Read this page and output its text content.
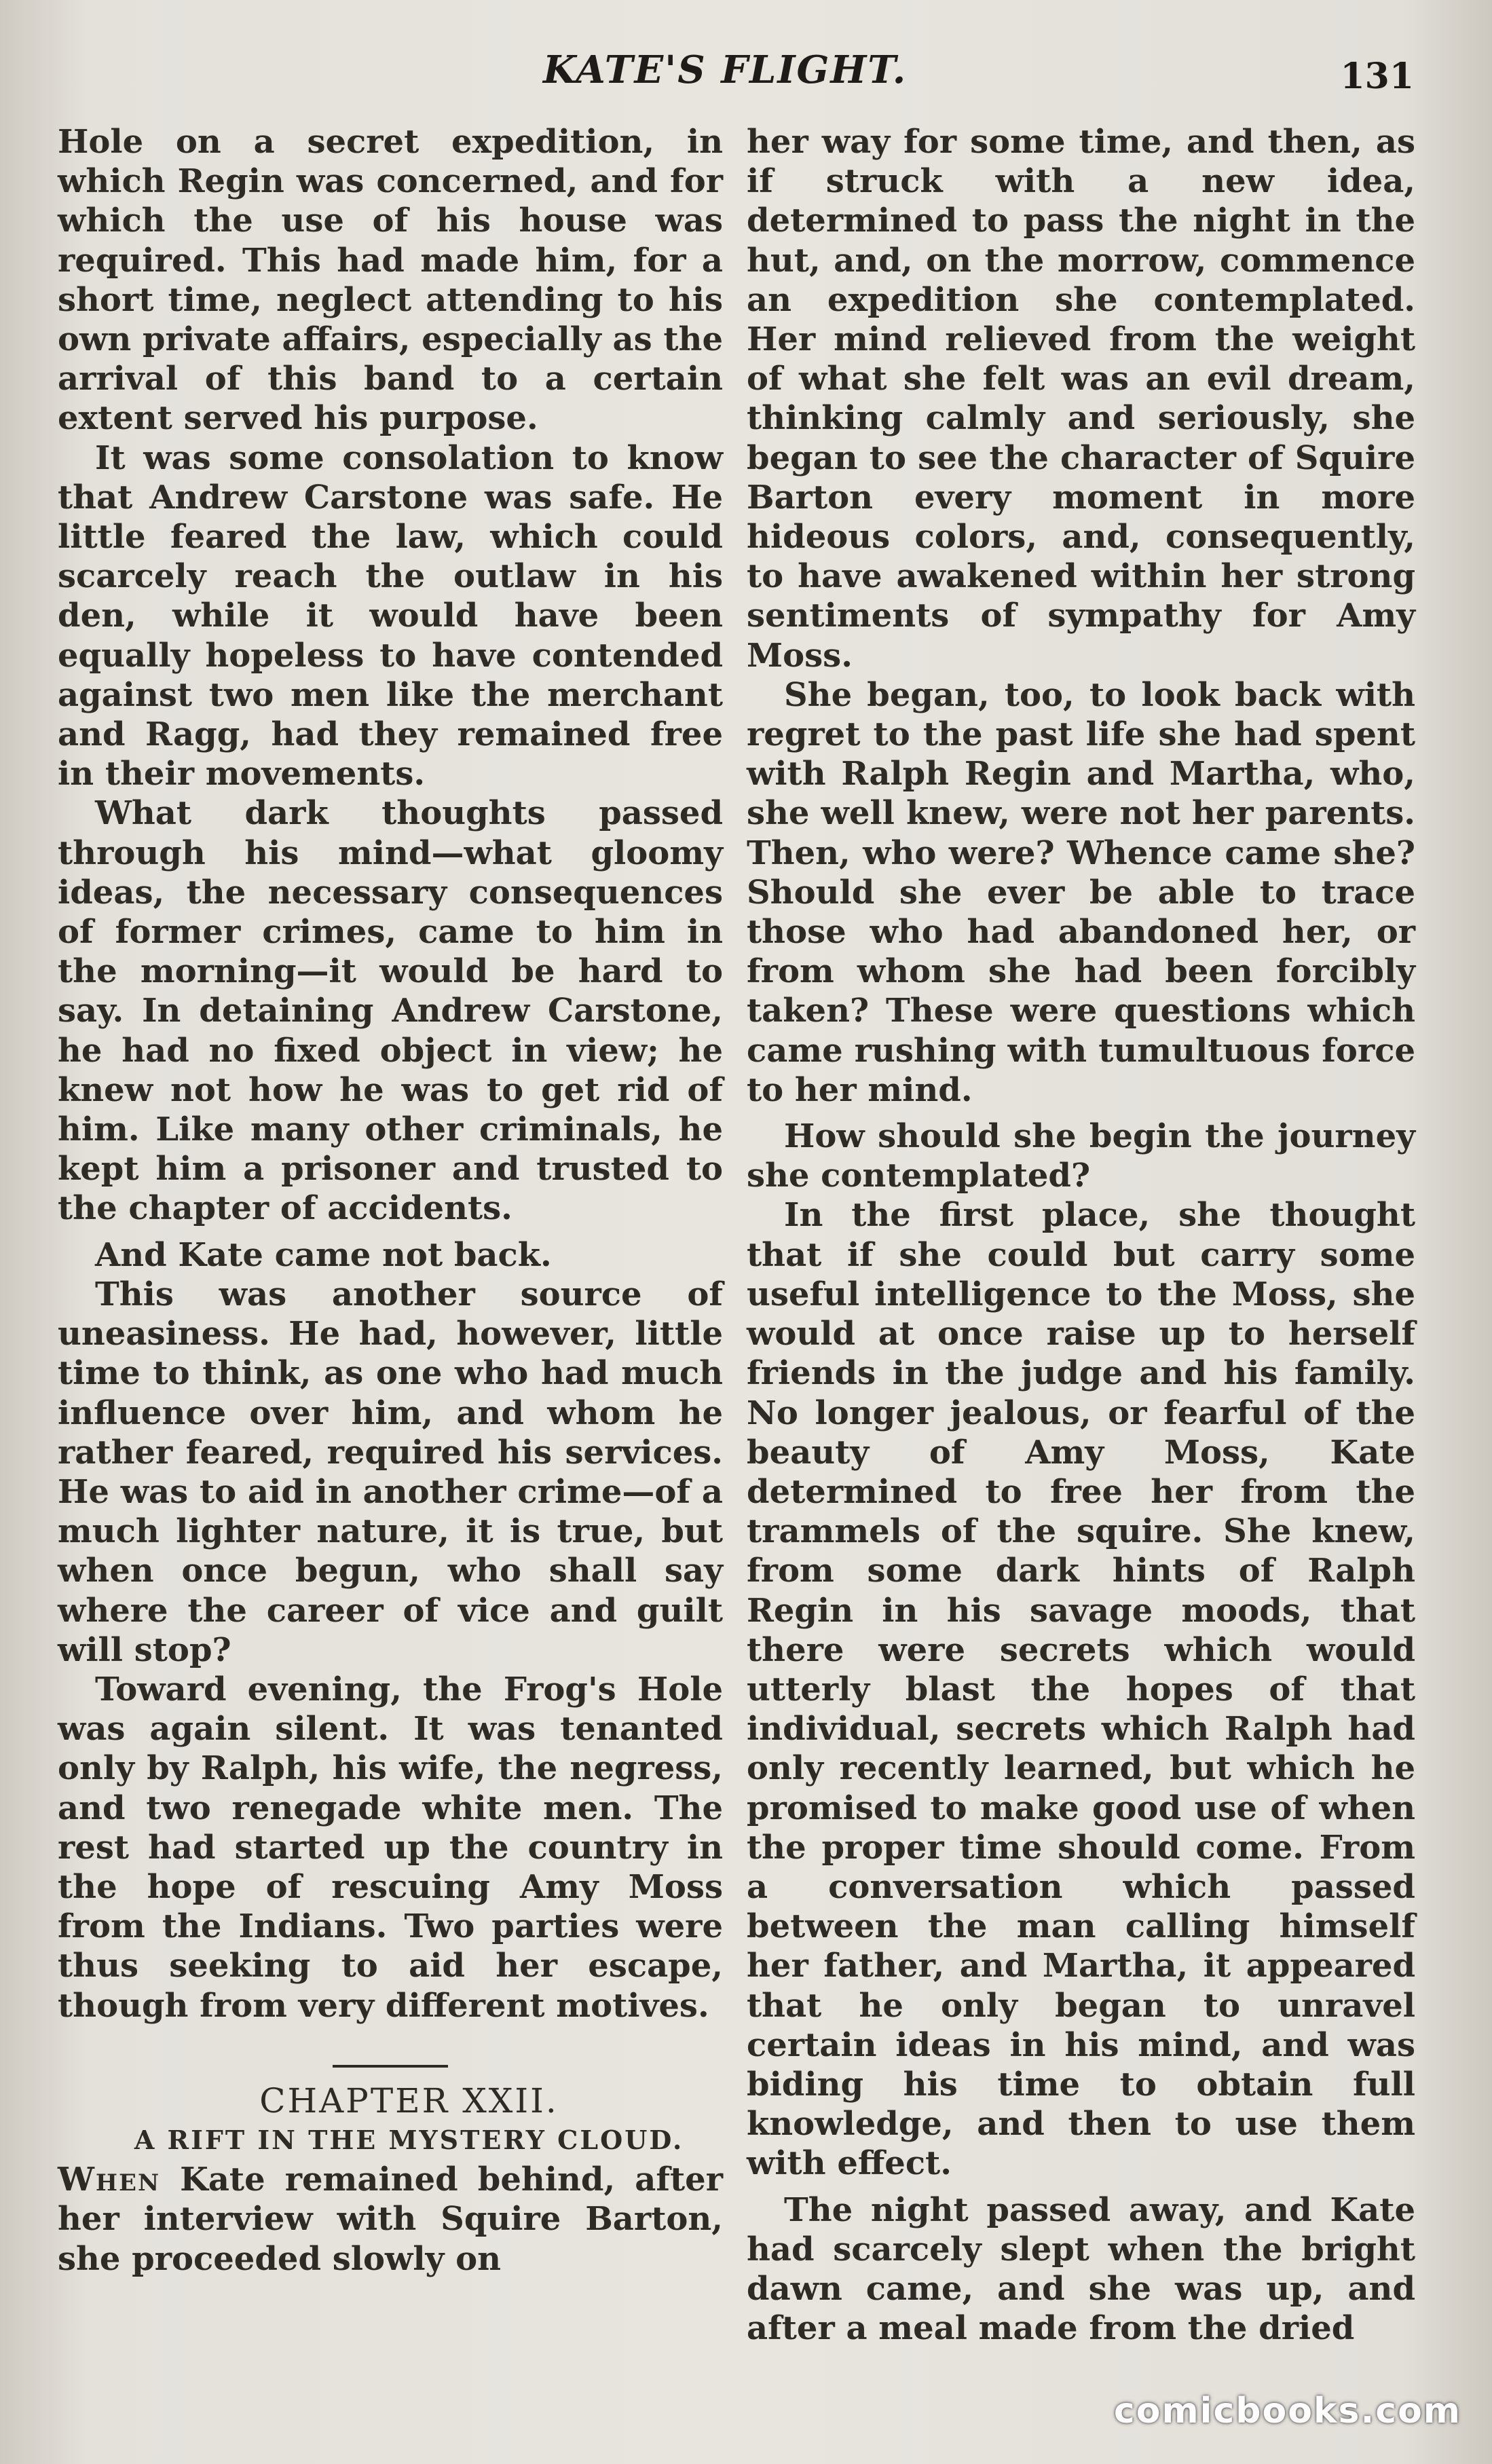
KATE'S FLIGHT.	131

Hole on a secret expedition, in which Regin was concerned, and for which the use of his house was required. This had made him, for a short time, neglect attending to his own private affairs, especially as the arrival of this band to a certain extent served his purpose.

It was some consolation to know that Andrew Carstone was safe. He little feared the law, which could scarcely reach the outlaw in his den, while it would have been equally hopeless to have contended against two men like the merchant and Ragg, had they remained free in their movements.

What dark thoughts passed through his mind—what gloomy ideas, the necessary consequences of former crimes, came to him in the morning—it would be hard to say. In detaining Andrew Carstone, he had no fixed object in view; he knew not how he was to get rid of him. Like many other criminals, he kept him a prisoner and trusted to the chapter of accidents.

And Kate came not back.

This was another source of uneasiness. He had, however, little time to think, as one who had much influence over him, and whom he rather feared, required his services. He was to aid in another crime—of a much lighter nature, it is true, but when once begun, who shall say where the career of vice and guilt will stop?

Toward evening, the Frog's Hole was again silent. It was tenanted only by Ralph, his wife, the negress, and two renegade white men. The rest had started up the country in the hope of rescuing Amy Moss from the Indians. Two parties were thus seeking to aid her escape, though from very different motives.

CHAPTER XXII.

A RIFT IN THE MYSTERY CLOUD.

When Kate remained behind, after her interview with Squire Barton, she proceeded slowly on

her way for some time, and then, as if struck with a new idea, determined to pass the night in the hut, and, on the morrow, commence an expedition she contemplated. Her mind relieved from the weight of what she felt was an evil dream, thinking calmly and seriously, she began to see the character of Squire Barton every moment in more hideous colors, and, consequently, to have awakened within her strong sentiments of sympathy for Amy Moss.

She began, too, to look back with regret to the past life she had spent with Ralph Regin and Martha, who, she well knew, were not her parents. Then, who were? Whence came she? Should she ever be able to trace those who had abandoned her, or from whom she had been forcibly taken? These were questions which came rushing with tumultuous force to her mind.

How should she begin the journey she contemplated?

In the first place, she thought that if she could but carry some useful intelligence to the Moss, she would at once raise up to herself friends in the judge and his family. No longer jealous, or fearful of the beauty of Amy Moss, Kate determined to free her from the trammels of the squire. She knew, from some dark hints of Ralph Regin in his savage moods, that there were secrets which would utterly blast the hopes of that individual, secrets which Ralph had only recently learned, but which he promised to make good use of when the proper time should come. From a conversation which passed between the man calling himself her father, and Martha, it appeared that he only began to unravel certain ideas in his mind, and was biding his time to obtain full knowledge, and then to use them with effect.

The night passed away, and Kate had scarcely slept when the bright dawn came, and she was up, and after a meal made from the dried

comicbooks.com
